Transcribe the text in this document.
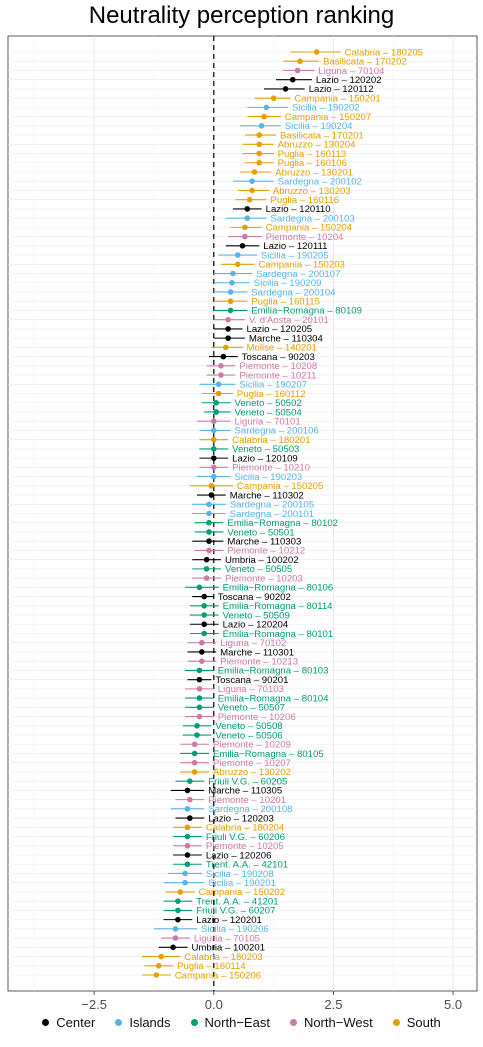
Neutrality perception ranking
Calabria – 180205
Basilicata – 170202
Liguria – 70104
Lazio – 120202
Lazio – 120112
Campania – 150201
Sicilia – 190202
Campania – 150207
Sicilia – 190204
Basilicata – 170201
Abruzzo – 130204
Puglia – 160113
Puglia – 160106
Abruzzo – 130201
Sardegna – 200102
Abruzzo – 130203
Puglia – 160116
Lazio – 120110
Sardegna – 200103
Campania – 150204
Piemonte – 10204
Lazio – 120111
Sicilia – 190205
Campania – 150203
Sardegna – 200107
Sicilia – 190209
Sardegna – 200104
Puglia – 160115
Emilia−Romagna – 80109
V. d'Aosta – 20101
Lazio – 120205
Marche – 110304
Molise – 140201
Toscana – 90203
Piemonte – 10208
Piemonte – 10211
Sicilia – 190207
Puglia – 160112
Veneto – 50502
Veneto – 50504
Liguria – 70101
Sardegna – 200106
Calabria – 180201
Veneto – 50503
Lazio – 120109
Piemonte – 10210
Sicilia – 190203
Campania – 150205
Marche – 110302
Sardegna – 200105
Sardegna – 200101
Emilia−Romagna – 80102
Veneto – 50501
Marche – 110303
Piemonte – 10212
Umbria – 100202
Veneto – 50505
Piemonte – 10203
Emilia−Romagna – 80106
Toscana – 90202
Emilia−Romagna – 80114
Veneto – 50509
Lazio – 120204
Emilia−Romagna – 80101
Liguria – 70102
Marche – 110301
Piemonte – 10213
Emilia−Romagna – 80103
Toscana – 90201
Liguria – 70103
Emilia−Romagna – 80104
Veneto – 50507
Piemonte – 10206
Veneto – 50508
Veneto – 50506
Piemonte – 10209
Emilia−Romagna – 80105
Piemonte – 10207
Abruzzo – 130202
Friuli V.G. – 60205
Marche – 110305
Piemonte – 10201
Sardegna – 200108
Lazio – 120203
Calabria – 180204
Friuli V.G. – 60206
Piemonte – 10205
Lazio – 120206
Trent. A.A. – 42101
Sicilia – 190208
Sicilia – 190201
Campania – 150202
Trent. A.A. – 41201
Friuli V.G. – 60207
Lazio – 120201
Sicilia – 190206
Liguria – 70105
Umbria – 100201
Calabria – 180203
Puglia – 160114
Campania – 150206
−2.5	0.0	2.5	5.0
Center	Islands	North−East	North−West	South
